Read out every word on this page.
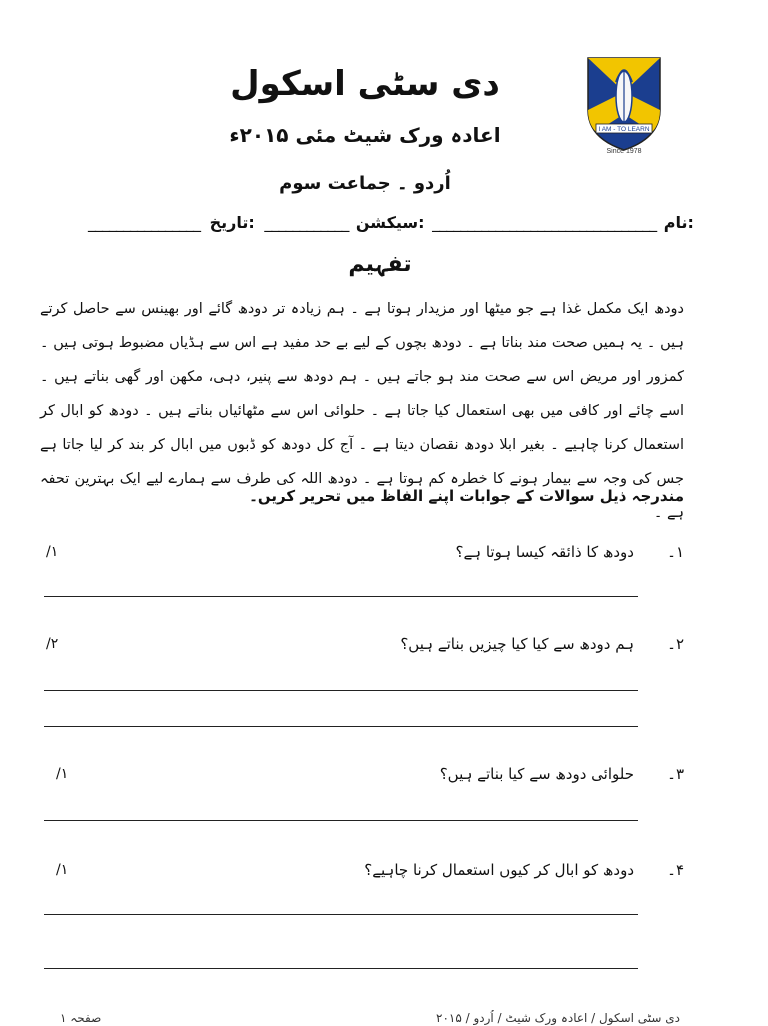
دی سٹی اسکول
اعادہ ورک شیٹ مئی ۲۰۱۵ء
اُردو ۔ جماعت سوم
I AM - TO LEARN
Since 1978
________________ تاریخ: ____________ سیکشن: ________________________________ نام:
تفہیم
دودھ ایک مکمل غذا ہے جو میٹھا اور مزیدار ہوتا ہے ۔ ہم زیادہ تر دودھ گائے اور بھینس سے حاصل کرتے ہیں ۔ یہ ہمیں صحت مند بناتا ہے ۔ دودھ بچوں کے لیے بے حد مفید ہے اس سے ہڈیاں مضبوط ہوتی ہیں ۔ کمزور اور مریض اس سے صحت مند ہو جاتے ہیں ۔ ہم دودھ سے پنیر، دہی، مکھن اور گھی بناتے ہیں ۔ اسے چائے اور کافی میں بھی استعمال کیا جاتا ہے ۔ حلوائی اس سے مٹھائیاں بناتے ہیں ۔ دودھ کو ابال کر استعمال کرنا چاہیے ۔ بغیر ابلا دودھ نقصان دیتا ہے ۔ آج کل دودھ کو ڈبوں میں ابال کر بند کر لیا جاتا ہے جس کی وجہ سے بیمار ہونے کا خطرہ کم ہوتا ہے ۔ دودھ اللہ کی طرف سے ہمارے لیے ایک بہترین تحفہ ہے ۔
مندرجہ ذیل سوالات کے جوابات اپنے الفاظ میں تحریر کریں۔
۱۔
دودھ کا ذائقہ کیسا ہوتا ہے؟
/۱
۲۔
ہم دودھ سے کیا کیا چیزیں بناتے ہیں؟
/۲
۳۔
حلوائی دودھ سے کیا بناتے ہیں؟
/۱
۴۔
دودھ کو ابال کر کیوں استعمال کرنا چاہیے؟
/۱
صفحہ ۱	دی سٹی اسکول / اعادہ ورک شیٹ / اُردو / ۲۰۱۵
